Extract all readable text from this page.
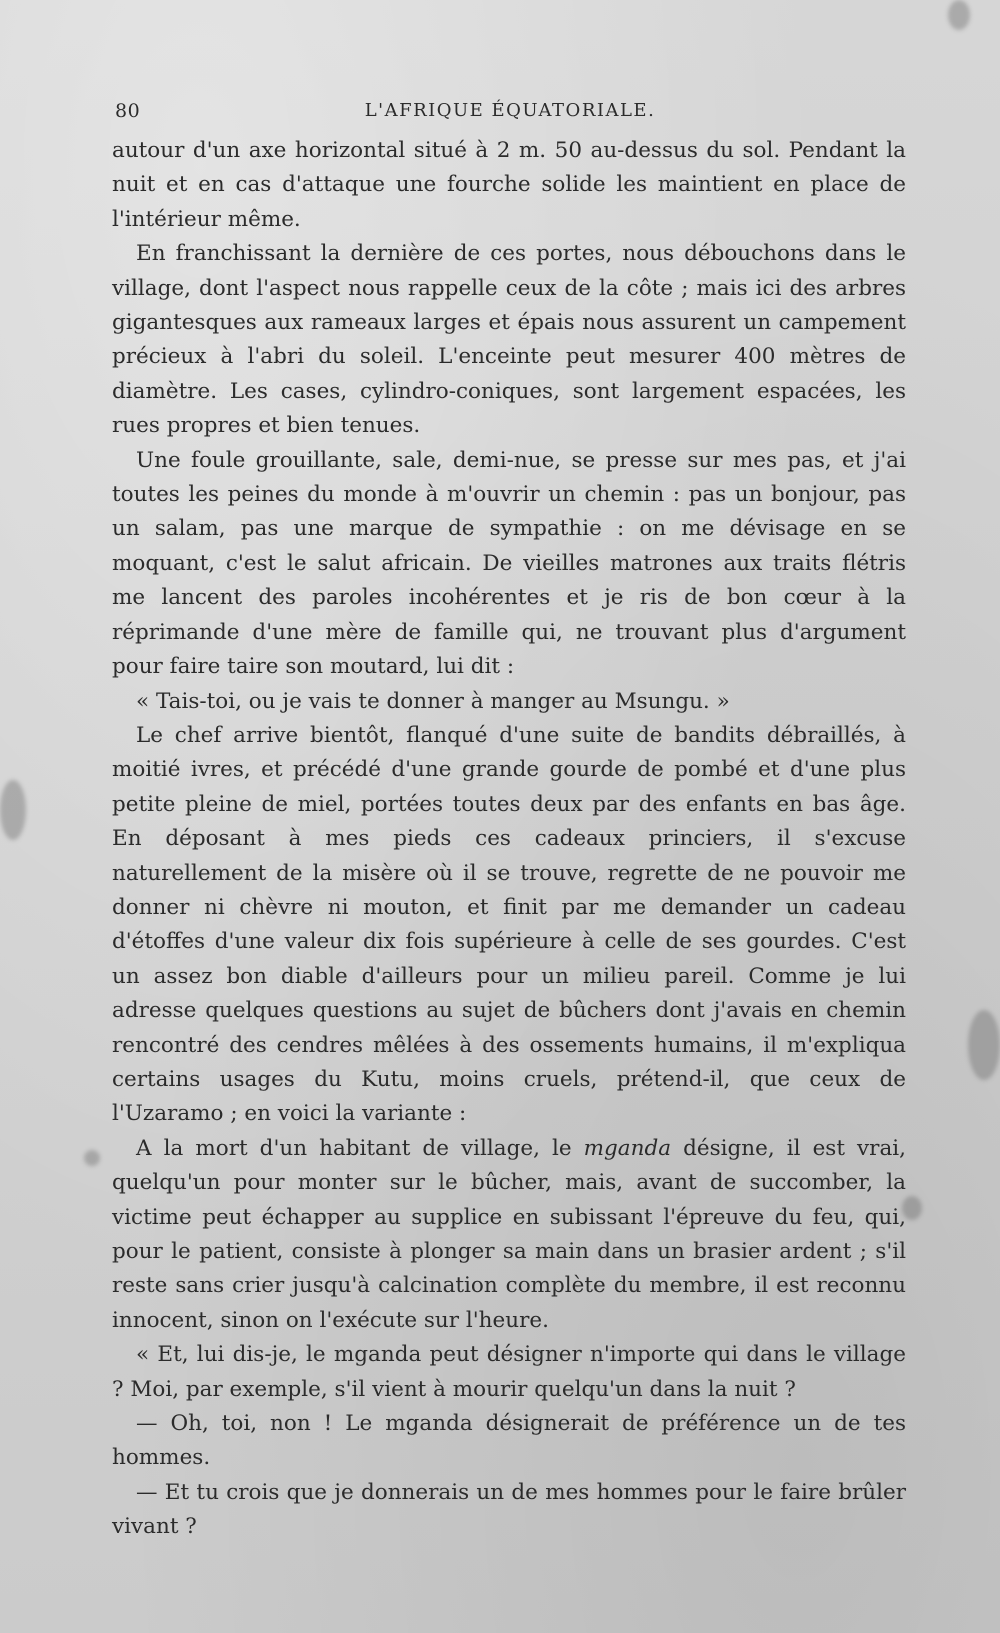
80	L'AFRIQUE ÉQUATORIALE.

autour d'un axe horizontal situé à 2 m. 50 au-dessus du sol. Pendant la nuit et en cas d'attaque une fourche solide les maintient en place de l'intérieur même.

En franchissant la dernière de ces portes, nous débouchons dans le village, dont l'aspect nous rappelle ceux de la côte ; mais ici des arbres gigantesques aux rameaux larges et épais nous assurent un campement précieux à l'abri du soleil. L'enceinte peut mesurer 400 mètres de diamètre. Les cases, cylindro-coniques, sont largement espacées, les rues propres et bien tenues.

Une foule grouillante, sale, demi-nue, se presse sur mes pas, et j'ai toutes les peines du monde à m'ouvrir un chemin : pas un bonjour, pas un salam, pas une marque de sympathie : on me dévisage en se moquant, c'est le salut africain. De vieilles matrones aux traits flétris me lancent des paroles incohérentes et je ris de bon cœur à la réprimande d'une mère de famille qui, ne trouvant plus d'argument pour faire taire son moutard, lui dit :

« Tais-toi, ou je vais te donner à manger au Msungu. »

Le chef arrive bientôt, flanqué d'une suite de bandits débraillés, à moitié ivres, et précédé d'une grande gourde de pombé et d'une plus petite pleine de miel, portées toutes deux par des enfants en bas âge. En déposant à mes pieds ces cadeaux princiers, il s'excuse naturellement de la misère où il se trouve, regrette de ne pouvoir me donner ni chèvre ni mouton, et finit par me demander un cadeau d'étoffes d'une valeur dix fois supérieure à celle de ses gourdes. C'est un assez bon diable d'ailleurs pour un milieu pareil. Comme je lui adresse quelques questions au sujet de bûchers dont j'avais en chemin rencontré des cendres mêlées à des ossements humains, il m'expliqua certains usages du Kutu, moins cruels, prétend-il, que ceux de l'Uzaramo ; en voici la variante :

A la mort d'un habitant de village, le mganda désigne, il est vrai, quelqu'un pour monter sur le bûcher, mais, avant de succomber, la victime peut échapper au supplice en subissant l'épreuve du feu, qui, pour le patient, consiste à plonger sa main dans un brasier ardent ; s'il reste sans crier jusqu'à calcination complète du membre, il est reconnu innocent, sinon on l'exécute sur l'heure.

« Et, lui dis-je, le mganda peut désigner n'importe qui dans le village ? Moi, par exemple, s'il vient à mourir quelqu'un dans la nuit ?

— Oh, toi, non ! Le mganda désignerait de préférence un de tes hommes.

— Et tu crois que je donnerais un de mes hommes pour le faire brûler vivant ?
